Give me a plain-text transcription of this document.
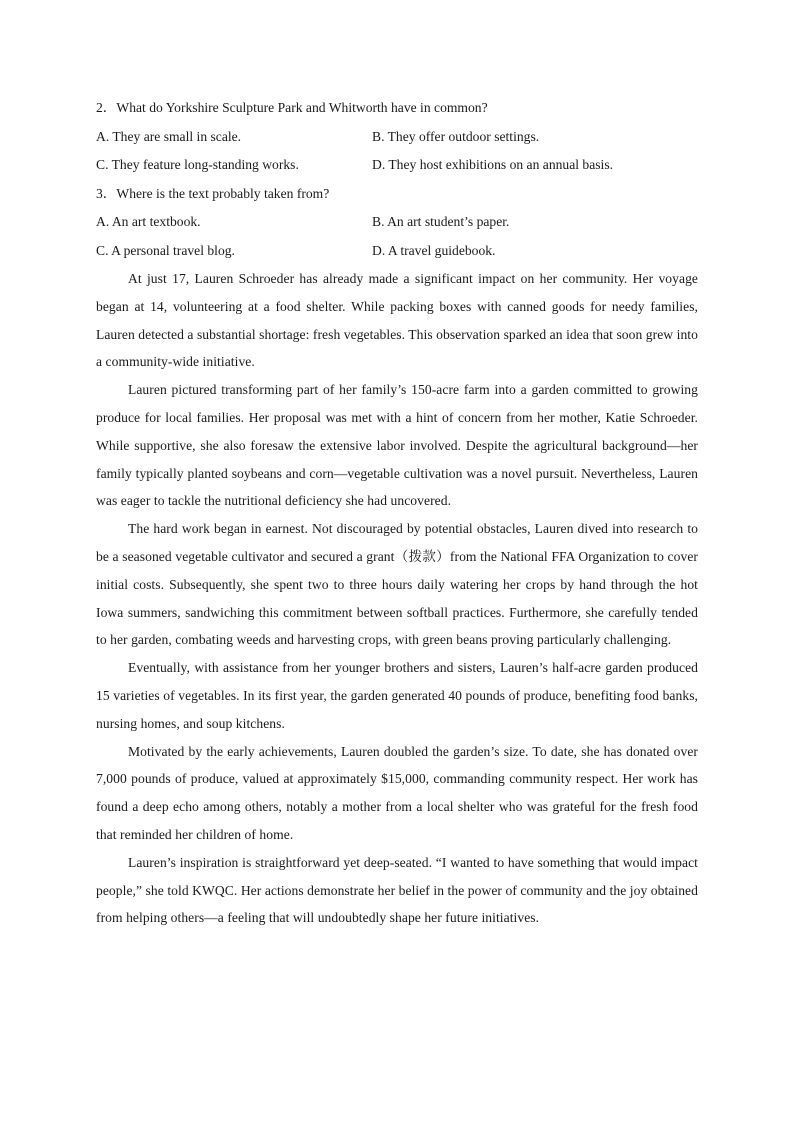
2．What do Yorkshire Sculpture Park and Whitworth have in common?
A. They are small in scale.	B. They offer outdoor settings.
C. They feature long-standing works.	D. They host exhibitions on an annual basis.
3．Where is the text probably taken from?
A. An art textbook.	B. An art student’s paper.
C. A personal travel blog.	D. A travel guidebook.

At just 17, Lauren Schroeder has already made a significant impact on her community. Her voyage began at 14, volunteering at a food shelter. While packing boxes with canned goods for needy families, Lauren detected a substantial shortage: fresh vegetables. This observation sparked an idea that soon grew into a community-wide initiative.

Lauren pictured transforming part of her family’s 150-acre farm into a garden committed to growing produce for local families. Her proposal was met with a hint of concern from her mother, Katie Schroeder. While supportive, she also foresaw the extensive labor involved. Despite the agricultural background—her family typically planted soybeans and corn—vegetable cultivation was a novel pursuit. Nevertheless, Lauren was eager to tackle the nutritional deficiency she had uncovered.

The hard work began in earnest. Not discouraged by potential obstacles, Lauren dived into research to be a seasoned vegetable cultivator and secured a grant（拨款）from the National FFA Organization to cover initial costs. Subsequently, she spent two to three hours daily watering her crops by hand through the hot Iowa summers, sandwiching this commitment between softball practices. Furthermore, she carefully tended to her garden, combating weeds and harvesting crops, with green beans proving particularly challenging.

Eventually, with assistance from her younger brothers and sisters, Lauren’s half-acre garden produced 15 varieties of vegetables. In its first year, the garden generated 40 pounds of produce, benefiting food banks, nursing homes, and soup kitchens.

Motivated by the early achievements, Lauren doubled the garden’s size. To date, she has donated over 7,000 pounds of produce, valued at approximately $15,000, commanding community respect. Her work has found a deep echo among others, notably a mother from a local shelter who was grateful for the fresh food that reminded her children of home.

Lauren’s inspiration is straightforward yet deep-seated. “I wanted to have something that would impact people,” she told KWQC. Her actions demonstrate her belief in the power of community and the joy obtained from helping others—a feeling that will undoubtedly shape her future initiatives.
